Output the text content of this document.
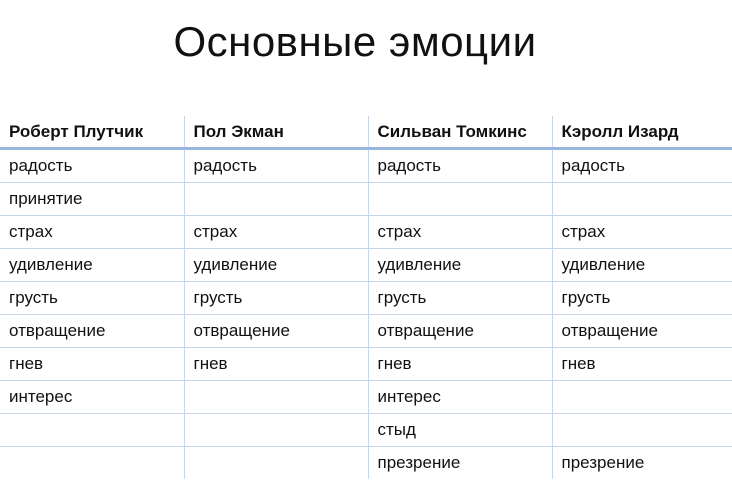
Основные эмоции
Роберт Плутчик	Пол Экман	Сильван Томкинс	Кэролл Изард
радость	радость	радость	радость
принятие			
страх	страх	страх	страх
удивление	удивление	удивление	удивление
грусть	грусть	грусть	грусть
отвращение	отвращение	отвращение	отвращение
гнев	гнев	гнев	гнев
интерес		интерес	
		стыд	
		презрение	презрение
